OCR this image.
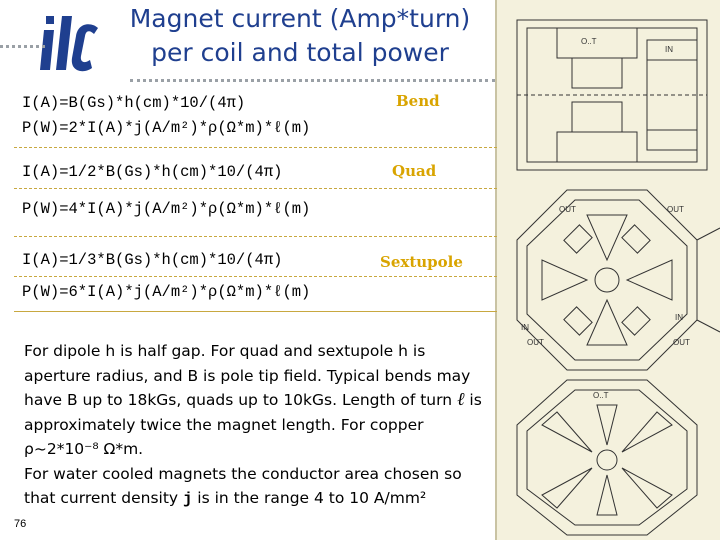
ilc	Magnet current (Amp*turn)
per coil and total power
I(A)=B(Gs)*h(cm)*10/(4π)	Bend
P(W)=2*I(A)*j(A/m²)*ρ(Ω*m)*ℓ(m)
I(A)=1/2*B(Gs)*h(cm)*10/(4π)	Quad
P(W)=4*I(A)*j(A/m²)*ρ(Ω*m)*ℓ(m)
I(A)=1/3*B(Gs)*h(cm)*10/(4π)	Sextupole
P(W)=6*I(A)*j(A/m²)*ρ(Ω*m)*ℓ(m)
For dipole h is half gap. For quad and sextupole h is aperture radius, and B is pole tip field. Typical bends may have B up to 18kGs, quads up to 10kGs. Length of turn ℓ is approximately twice the magnet length. For copper ρ~2*10⁻⁸ Ω*m.
For water cooled magnets the conductor area chosen so that current density j is in the range 4 to 10 A/mm²
76
O..T
IN
OUT	OUT
IN
IN
OUT
OUT
O..T
